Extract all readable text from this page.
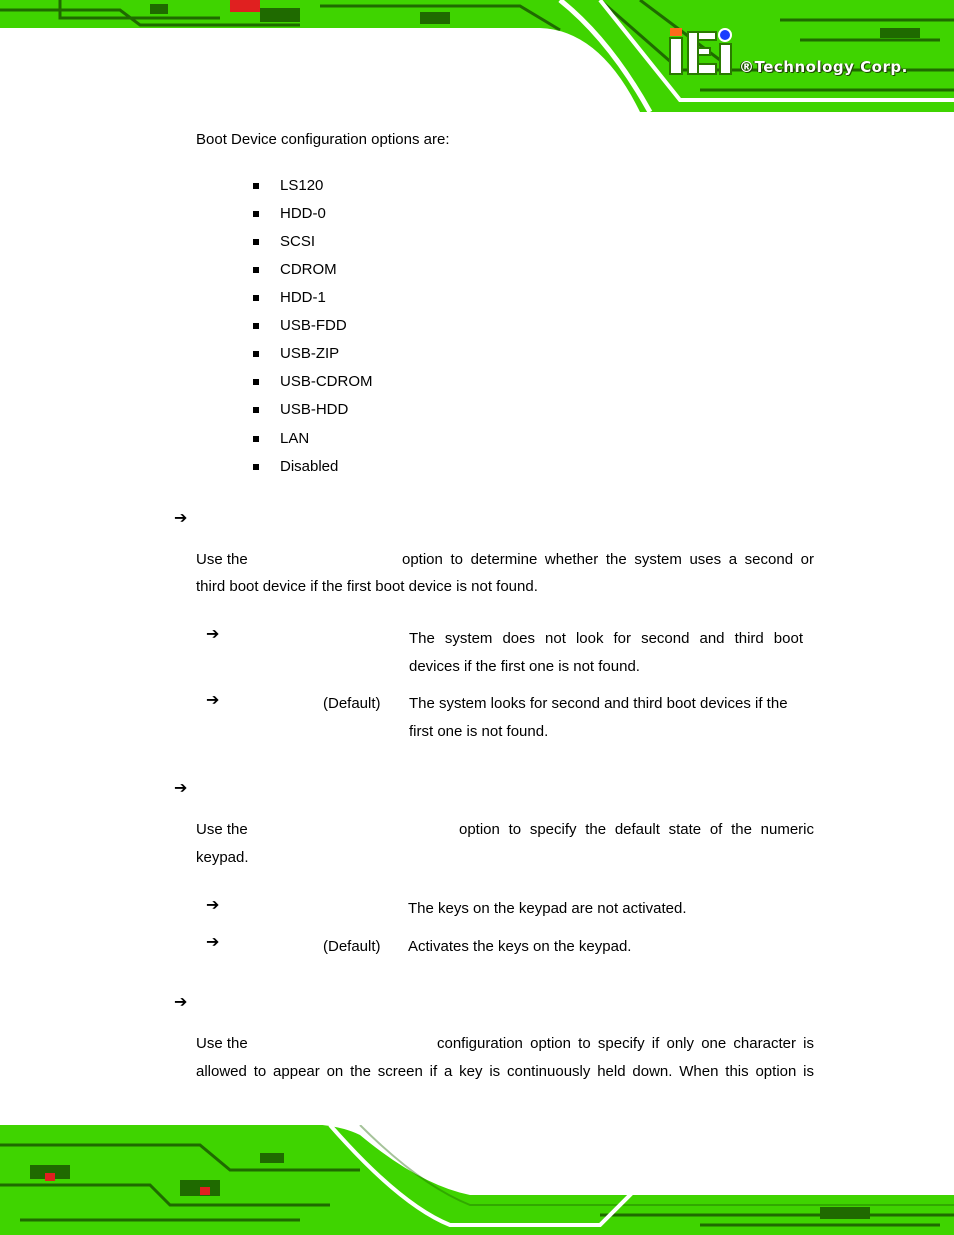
®Technology Corp.
Boot Device configuration options are:
LS120
HDD-0
SCSI
CDROM
HDD-1
USB-FDD
USB-ZIP
USB-CDROM
USB-HDD
LAN
Disabled
➔
Use the	option to determine whether the system uses a second or
third boot device if the first boot device is not found.
➔	The system does not look for second and third boot
devices if the first one is not found.
➔	(Default) The system looks for second and third boot devices if the
first one is not found.
➔
Use the	option to specify the default state of the numeric
keypad.
➔	The keys on the keypad are not activated.
➔	(Default) Activates the keys on the keypad.
➔
Use the	configuration option to specify if only one character is
allowed to appear on the screen if a key is continuously held down. When this option is
